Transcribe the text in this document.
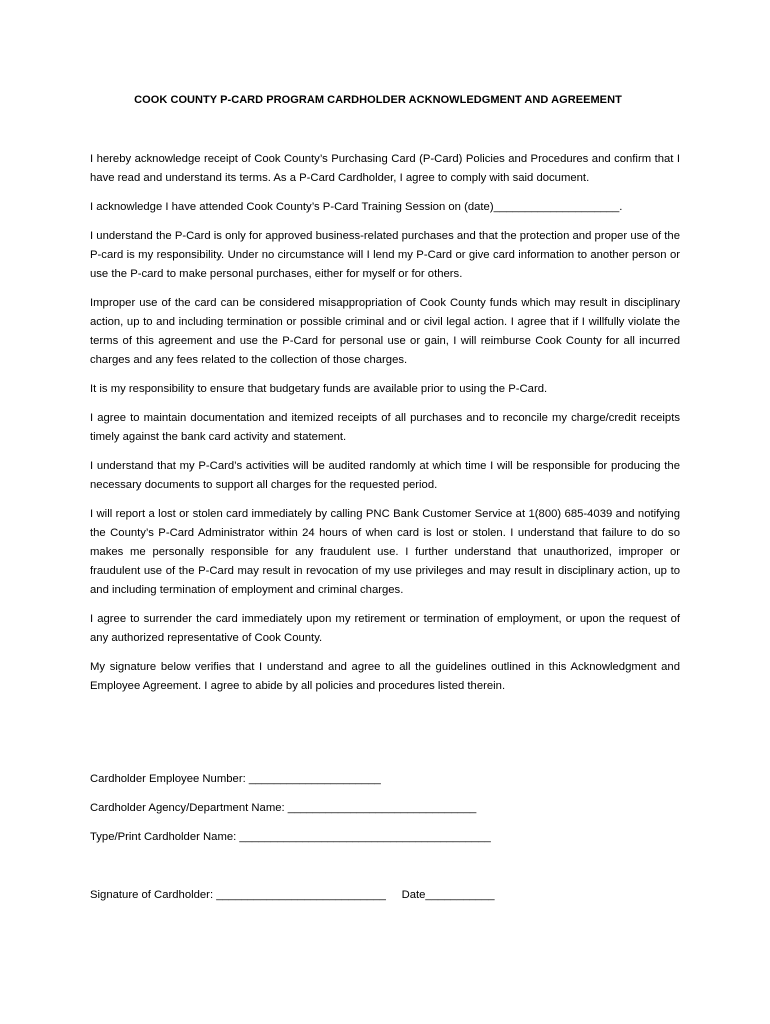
COOK COUNTY P-CARD PROGRAM CARDHOLDER ACKNOWLEDGMENT AND AGREEMENT

I hereby acknowledge receipt of Cook County’s Purchasing Card (P-Card) Policies and Procedures and confirm that I have read and understand its terms. As a P-Card Cardholder, I agree to comply with said document.

I acknowledge I have attended Cook County’s P-Card Training Session on (date)____________________.

I understand the P-Card is only for approved business-related purchases and that the protection and proper use of the P-card is my responsibility. Under no circumstance will I lend my P-Card or give card information to another person or use the P-card to make personal purchases, either for myself or for others.

Improper use of the card can be considered misappropriation of Cook County funds which may result in disciplinary action, up to and including termination or possible criminal and or civil legal action. I agree that if I willfully violate the terms of this agreement and use the P-Card for personal use or gain, I will reimburse Cook County for all incurred charges and any fees related to the collection of those charges.

It is my responsibility to ensure that budgetary funds are available prior to using the P-Card.

I agree to maintain documentation and itemized receipts of all purchases and to reconcile my charge/credit receipts timely against the bank card activity and statement.

I understand that my P-Card’s activities will be audited randomly at which time I will be responsible for producing the necessary documents to support all charges for the requested period.

I will report a lost or stolen card immediately by calling PNC Bank Customer Service at 1(800) 685-4039 and notifying the County’s P-Card Administrator within 24 hours of when card is lost or stolen. I understand that failure to do so makes me personally responsible for any fraudulent use. I further understand that unauthorized, improper or fraudulent use of the P-Card may result in revocation of my use privileges and may result in disciplinary action, up to and including termination of employment and criminal charges.

I agree to surrender the card immediately upon my retirement or termination of employment, or upon the request of any authorized representative of Cook County.

My signature below verifies that I understand and agree to all the guidelines outlined in this Acknowledgment and Employee Agreement. I agree to abide by all policies and procedures listed therein.

Cardholder Employee Number: _____________________
Cardholder Agency/Department Name: ______________________________
Type/Print Cardholder Name: ________________________________________
Signature of Cardholder: ___________________________ Date___________
